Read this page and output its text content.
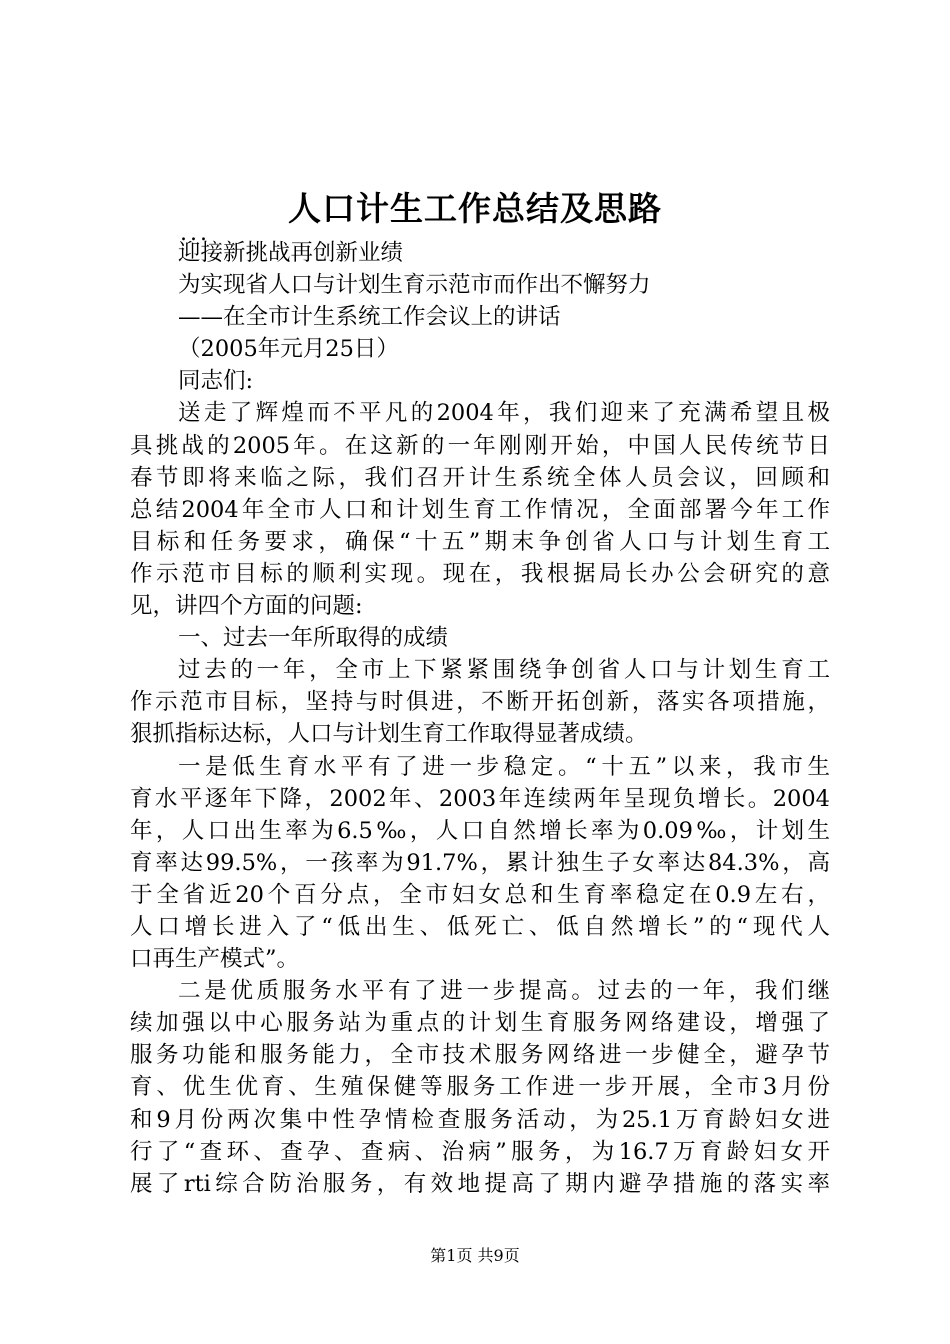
人口计生工作总结及思路
...
迎接新挑战再创新业绩
为实现省人口与计划生育示范市而作出不懈努力
——在全市计生系统工作会议上的讲话
（2005年元月25日）
同志们:
送走了辉煌而不平凡的2004年，我们迎来了充满希望且极
具挑战的2005年。在这新的一年刚刚开始，中国人民传统节日
春节即将来临之际，我们召开计生系统全体人员会议，回顾和
总结2004年全市人口和计划生育工作情况，全面部署今年工作
目标和任务要求，确保“十五”期末争创省人口与计划生育工
作示范市目标的顺利实现。现在，我根据局长办公会研究的意
见，讲四个方面的问题:
一、过去一年所取得的成绩
过去的一年，全市上下紧紧围绕争创省人口与计划生育工
作示范市目标，坚持与时俱进，不断开拓创新，落实各项措施，
狠抓指标达标，人口与计划生育工作取得显著成绩。
一是低生育水平有了进一步稳定。“十五”以来，我市生
育水平逐年下降，2002年、2003年连续两年呈现负增长。2004
年，人口出生率为6.5‰，人口自然增长率为0.09‰，计划生
育率达99.5%，一孩率为91.7%，累计独生子女率达84.3%，高
于全省近20个百分点，全市妇女总和生育率稳定在0.9左右，
人口增长进入了“低出生、低死亡、低自然增长”的“现代人
口再生产模式”。
二是优质服务水平有了进一步提高。过去的一年，我们继
续加强以中心服务站为重点的计划生育服务网络建设，增强了
服务功能和服务能力，全市技术服务网络进一步健全，避孕节
育、优生优育、生殖保健等服务工作进一步开展，全市3月份
和9月份两次集中性孕情检查服务活动，为25.1万育龄妇女进
行了“查环、查孕、查病、治病”服务，为16.7万育龄妇女开
展了rti综合防治服务，有效地提高了期内避孕措施的落实率
第1页 共9页
